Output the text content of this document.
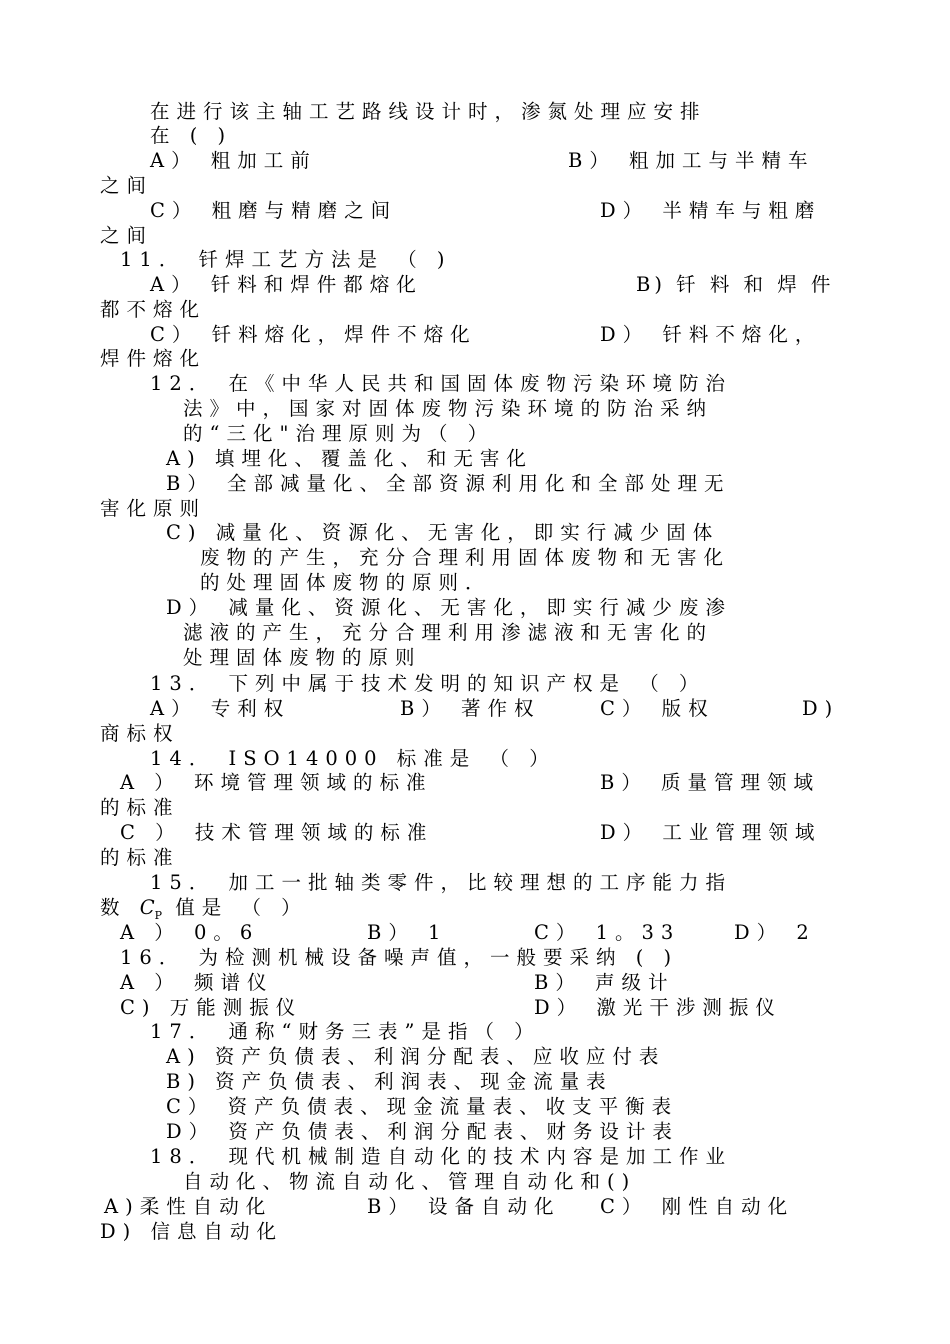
在进行该主轴工艺路线设计时，渗氮处理应安排
在 ( )
A） 粗加工前	B） 粗加工与半精车
之间
C） 粗磨与精磨之间	D） 半精车与粗磨
之间
11． 钎焊工艺方法是 （ )
A） 钎料和焊件都熔化	B) 钎 料 和 焊 件
都不熔化
C） 钎料熔化，焊件不熔化	D） 钎料不熔化，
焊件熔化
12． 在《中华人民共和国固体废物污染环境防治
法》中，国家对固体废物污染环境的防治采纳
的“三化"治理原则为（ ）
A) 填埋化、覆盖化、和无害化
B） 全部减量化、全部资源利用化和全部处理无
害化原则
C) 减量化、资源化、无害化，即实行减少固体
废物的产生，充分合理利用固体废物和无害化
的处理固体废物的原则．
D） 减量化、资源化、无害化，即实行减少废渗
滤液的产生，充分合理利用渗滤液和无害化的
处理固体废物的原则
13． 下列中属于技术发明的知识产权是 （ ）
A） 专利权	B） 著作权	C） 版权	D)
商标权
14． ISO14000 标准是 （ ）
A ） 环境管理领域的标准	B） 质量管理领域
的标准
C ） 技术管理领域的标准	D） 工业管理领域
的标准
15． 加工一批轴类零件，比较理想的工序能力指
数 $C_P$ 值是 （ ）
A ） 0。6	B） 1	C） 1。33	D） 2
16． 为检测机械设备噪声值，一般要采纳 ( )
A ） 频谱仪	B） 声级计
C) 万能测振仪	D） 激光干涉测振仪
17． 通称“财务三表”是指（ ）
A) 资产负债表、利润分配表、应收应付表
B) 资产负债表、利润表、现金流量表
C） 资产负债表、现金流量表、收支平衡表
D） 资产负债表、利润分配表、财务设计表
18． 现代机械制造自动化的技术内容是加工作业
自动化、物流自动化、管理自动化和()
A)柔性自动化	B） 设备自动化 C） 刚性自动化
D) 信息自动化
